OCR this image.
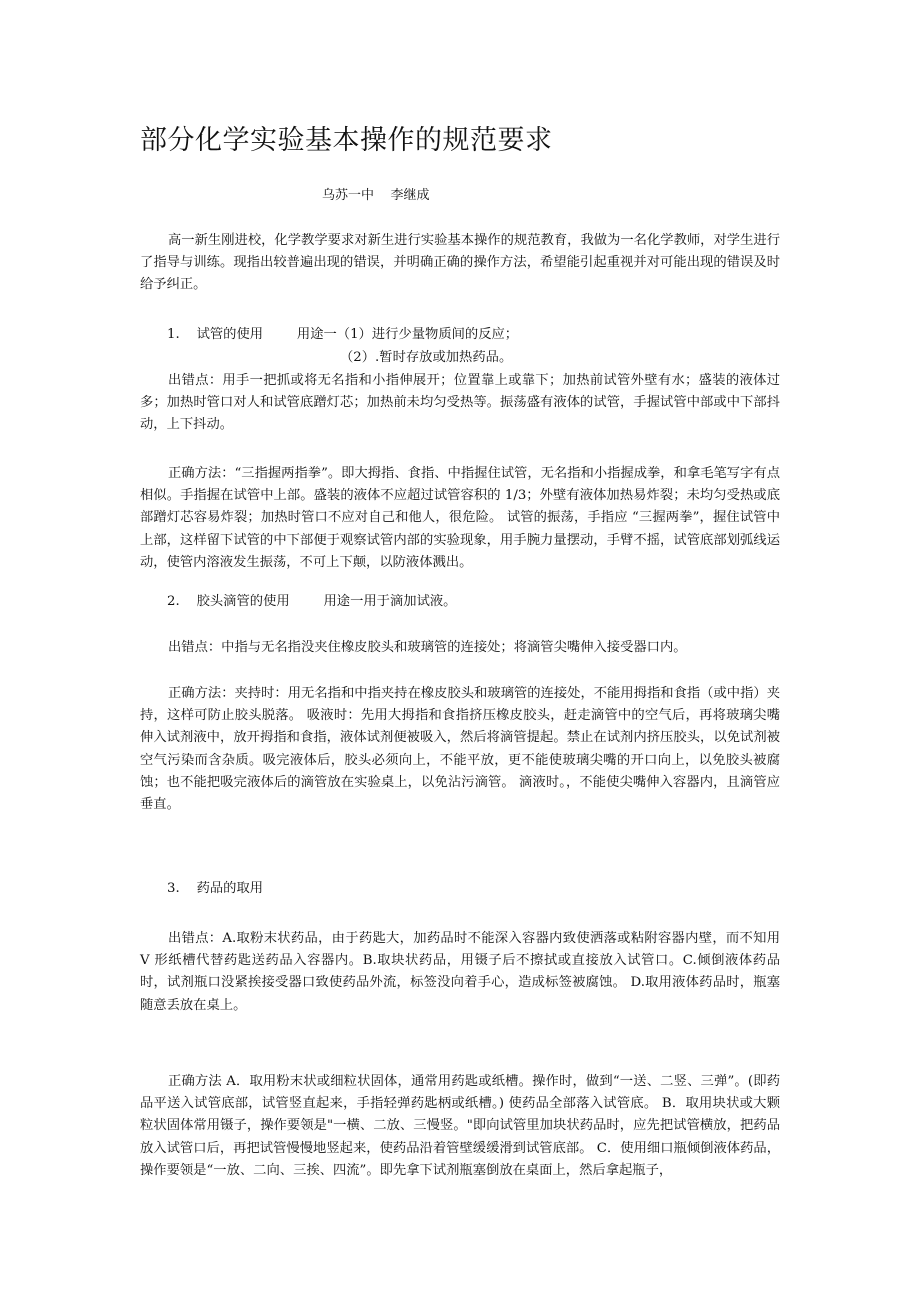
部分化学实验基本操作的规范要求
乌苏一中    李继成
高一新生刚进校，化学教学要求对新生进行实验基本操作的规范教育，我做为一名化学教师，对学生进行了指导与训练。现指出较普遍出现的错误，并明确正确的操作方法，希望能引起重视并对可能出现的错误及时给予纠正。
1.    试管的使用        用途一（1）进行少量物质间的反应；
（2）.暂时存放或加热药品。
出错点：用手一把抓或将无名指和小指伸展开；位置靠上或靠下；加热前试管外壁有水；盛装的液体过多；加热时管口对人和试管底蹭灯芯；加热前未均匀受热等。振荡盛有液体的试管，手握试管中部或中下部抖动，上下抖动。
正确方法：“三指握两指拳”。即大拇指、食指、中指握住试管，无名指和小指握成拳，和拿毛笔写字有点相似。手指握在试管中上部。盛装的液体不应超过试管容积的 1/3；外壁有液体加热易炸裂；未均匀受热或底部蹭灯芯容易炸裂；加热时管口不应对自己和他人，很危险。 试管的振荡，手指应 “三握两拳”，握住试管中上部，这样留下试管的中下部便于观察试管内部的实验现象，用手腕力量摆动，手臂不摇，试管底部划弧线运动，使管内溶液发生振荡，不可上下颠，以防液体溅出。
2.    胶头滴管的使用        用途一用于滴加试液。
出错点：中指与无名指没夹住橡皮胶头和玻璃管的连接处；将滴管尖嘴伸入接受器口内。
正确方法：夹持时：用无名指和中指夹持在橡皮胶头和玻璃管的连接处，不能用拇指和食指（或中指）夹持，这样可防止胶头脱落。 吸液时：先用大拇指和食指挤压橡皮胶头，赶走滴管中的空气后，再将玻璃尖嘴伸入试剂液中，放开拇指和食指，液体试剂便被吸入，然后将滴管提起。禁止在试剂内挤压胶头，以免试剂被空气污染而含杂质。吸完液体后，胶头必须向上，不能平放，更不能使玻璃尖嘴的开口向上，以免胶头被腐蚀；也不能把吸完液体后的滴管放在实验桌上，以免沾污滴管。 滴液时。，不能使尖嘴伸入容器内，且滴管应垂直。
3.    药品的取用
出错点：A.取粉末状药品，由于药匙大，加药品时不能深入容器内致使洒落或粘附容器内壁，而不知用 V 形纸槽代替药匙送药品入容器内。B.取块状药品，用镊子后不擦拭或直接放入试管口。C.倾倒液体药品时，试剂瓶口没紧挨接受器口致使药品外流，标签没向着手心，造成标签被腐蚀。 D.取用液体药品时，瓶塞随意丢放在桌上。
正确方法 A．取用粉末状或细粒状固体，通常用药匙或纸槽。操作时，做到“一送、二竖、三弹”。(即药品平送入试管底部，试管竖直起来，手指轻弹药匙柄或纸槽。) 使药品全部落入试管底。 B．取用块状或大颗粒状固体常用镊子，操作要领是"一横、二放、三慢竖。"即向试管里加块状药品时，应先把试管横放，把药品放入试管口后，再把试管慢慢地竖起来，使药品沿着管壁缓缓滑到试管底部。 C．使用细口瓶倾倒液体药品，操作要领是“一放、二向、三挨、四流”。即先拿下试剂瓶塞倒放在桌面上，然后拿起瓶子，
